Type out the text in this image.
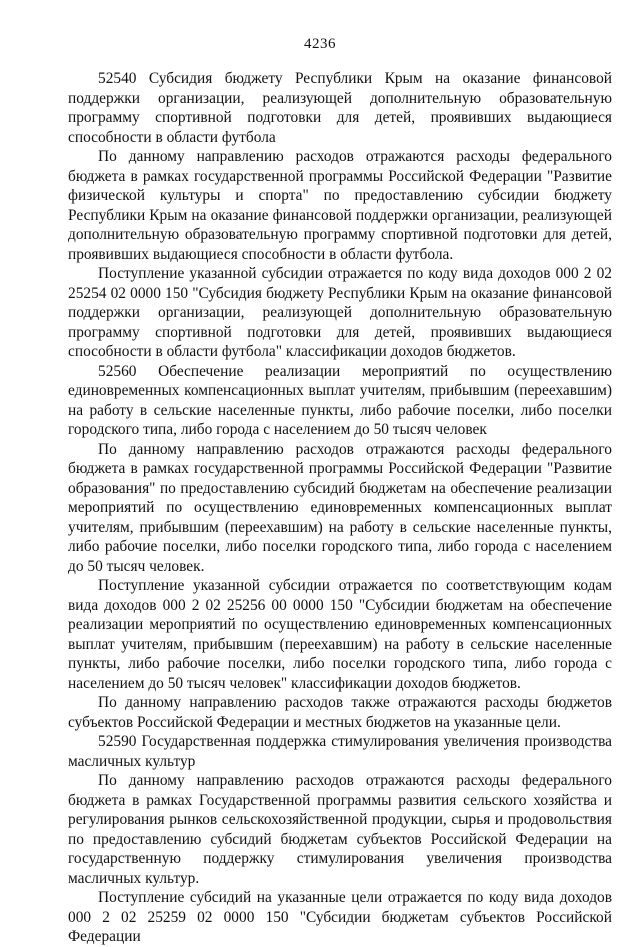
4236

52540 Субсидия бюджету Республики Крым на оказание финансовой поддержки организации, реализующей дополнительную образовательную программу спортивной подготовки для детей, проявивших выдающиеся способности в области футбола

По данному направлению расходов отражаются расходы федерального бюджета в рамках государственной программы Российской Федерации "Развитие физической культуры и спорта" по предоставлению субсидии бюджету Республики Крым на оказание финансовой поддержки организации, реализующей дополнительную образовательную программу спортивной подготовки для детей, проявивших выдающиеся способности в области футбола.

Поступление указанной субсидии отражается по коду вида доходов 000 2 02 25254 02 0000 150 "Субсидия бюджету Республики Крым на оказание финансовой поддержки организации, реализующей дополнительную образовательную программу спортивной подготовки для детей, проявивших выдающиеся способности в области футбола" классификации доходов бюджетов.

52560 Обеспечение реализации мероприятий по осуществлению единовременных компенсационных выплат учителям, прибывшим (переехавшим) на работу в сельские населенные пункты, либо рабочие поселки, либо поселки городского типа, либо города с населением до 50 тысяч человек

По данному направлению расходов отражаются расходы федерального бюджета в рамках государственной программы Российской Федерации "Развитие образования" по предоставлению субсидий бюджетам на обеспечение реализации мероприятий по осуществлению единовременных компенсационных выплат учителям, прибывшим (переехавшим) на работу в сельские населенные пункты, либо рабочие поселки, либо поселки городского типа, либо города с населением до 50 тысяч человек.

Поступление указанной субсидии отражается по соответствующим кодам вида доходов 000 2 02 25256 00 0000 150 "Субсидии бюджетам на обеспечение реализации мероприятий по осуществлению единовременных компенсационных выплат учителям, прибывшим (переехавшим) на работу в сельские населенные пункты, либо рабочие поселки, либо поселки городского типа, либо города с населением до 50 тысяч человек" классификации доходов бюджетов.

По данному направлению расходов также отражаются расходы бюджетов субъектов Российской Федерации и местных бюджетов на указанные цели.

52590 Государственная поддержка стимулирования увеличения производства масличных культур

По данному направлению расходов отражаются расходы федерального бюджета в рамках Государственной программы развития сельского хозяйства и регулирования рынков сельскохозяйственной продукции, сырья и продовольствия по предоставлению субсидий бюджетам субъектов Российской Федерации на государственную поддержку стимулирования увеличения производства масличных культур.

Поступление субсидий на указанные цели отражается по коду вида доходов 000 2 02 25259 02 0000 150 "Субсидии бюджетам субъектов Российской Федерации
